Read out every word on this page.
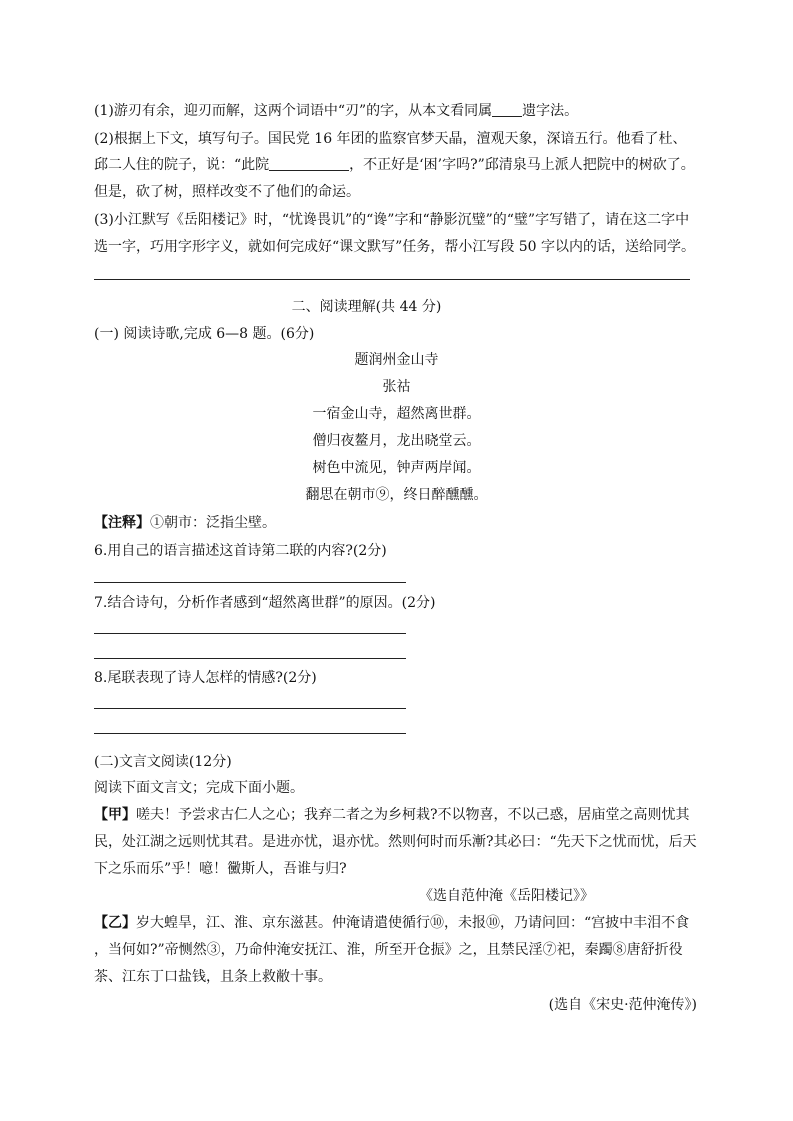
(1)游刃有余，迎刃而解，这两个词语中“刃”的字，从本文看同属 遗字法。
(2)根据上下文，填写句子。国民党 16 年团的监察官梦天晶，澶观天象，深谙五行。他看了杜、
邱二人住的院子，说：“此院	，不正好是‘困’字吗?”邱清泉马上派人把院中的树砍了。
但是，砍了树，照样改变不了他们的命运。
(3)小江默写《岳阳楼记》时，“忧谗畏讥”的“谗”字和“静影沉璧”的“璧”字写错了，请在这二字中
选一字，巧用字形字义，就如何完成好“课文默写”任务，帮小江写段 50 字以内的话，送给同学。
二、阅读理解(共 44 分)
(一) 阅读诗歌,完成 6—8 题。(6分)
题润州金山寺
张祜
一宿金山寺，超然离世群。
僧归夜鳌月，龙出晓堂云。
树色中流见，钟声两岸闻。
翻思在朝市⑨，终日醉醺醺。
【注释】①朝市：泛指尘壁。
6.用自己的语言描述这首诗第二联的内容?(2分)
7.结合诗句，分析作者感到“超然离世群”的原因。(2分)
8.尾联表现了诗人怎样的情感?(2分)
(二)文言文阅读(12分)
阅读下面文言文；完成下面小题。
【甲】嗟夫！予尝求古仁人之心；我弃二者之为乡柯栽?不以物喜，不以己惑，居庙堂之高则忧其
民，处江湖之远则忧其君。是进亦忧，退亦忧。然则何时而乐漸?其必曰：“先天下之忧而忧，后天
下之乐而乐”乎！噫！黴斯人，吾谁与归?
《选自范仲淹《岳阳楼记》》
【乙】岁大蝗旱，江、淮、京东滋甚。仲淹请遣使循行⑩，未报⑩，乃请问回：“宫披中丰泪不食
，当何如?”帝恻然③，乃命仲淹安抚江、淮，所至开仓振》之，且禁民淫⑦祀，秦躅⑧唐舒折役
茶、江东丁口盐钱，且条上救敝十事。
(选自《宋史·范仲淹传》)
